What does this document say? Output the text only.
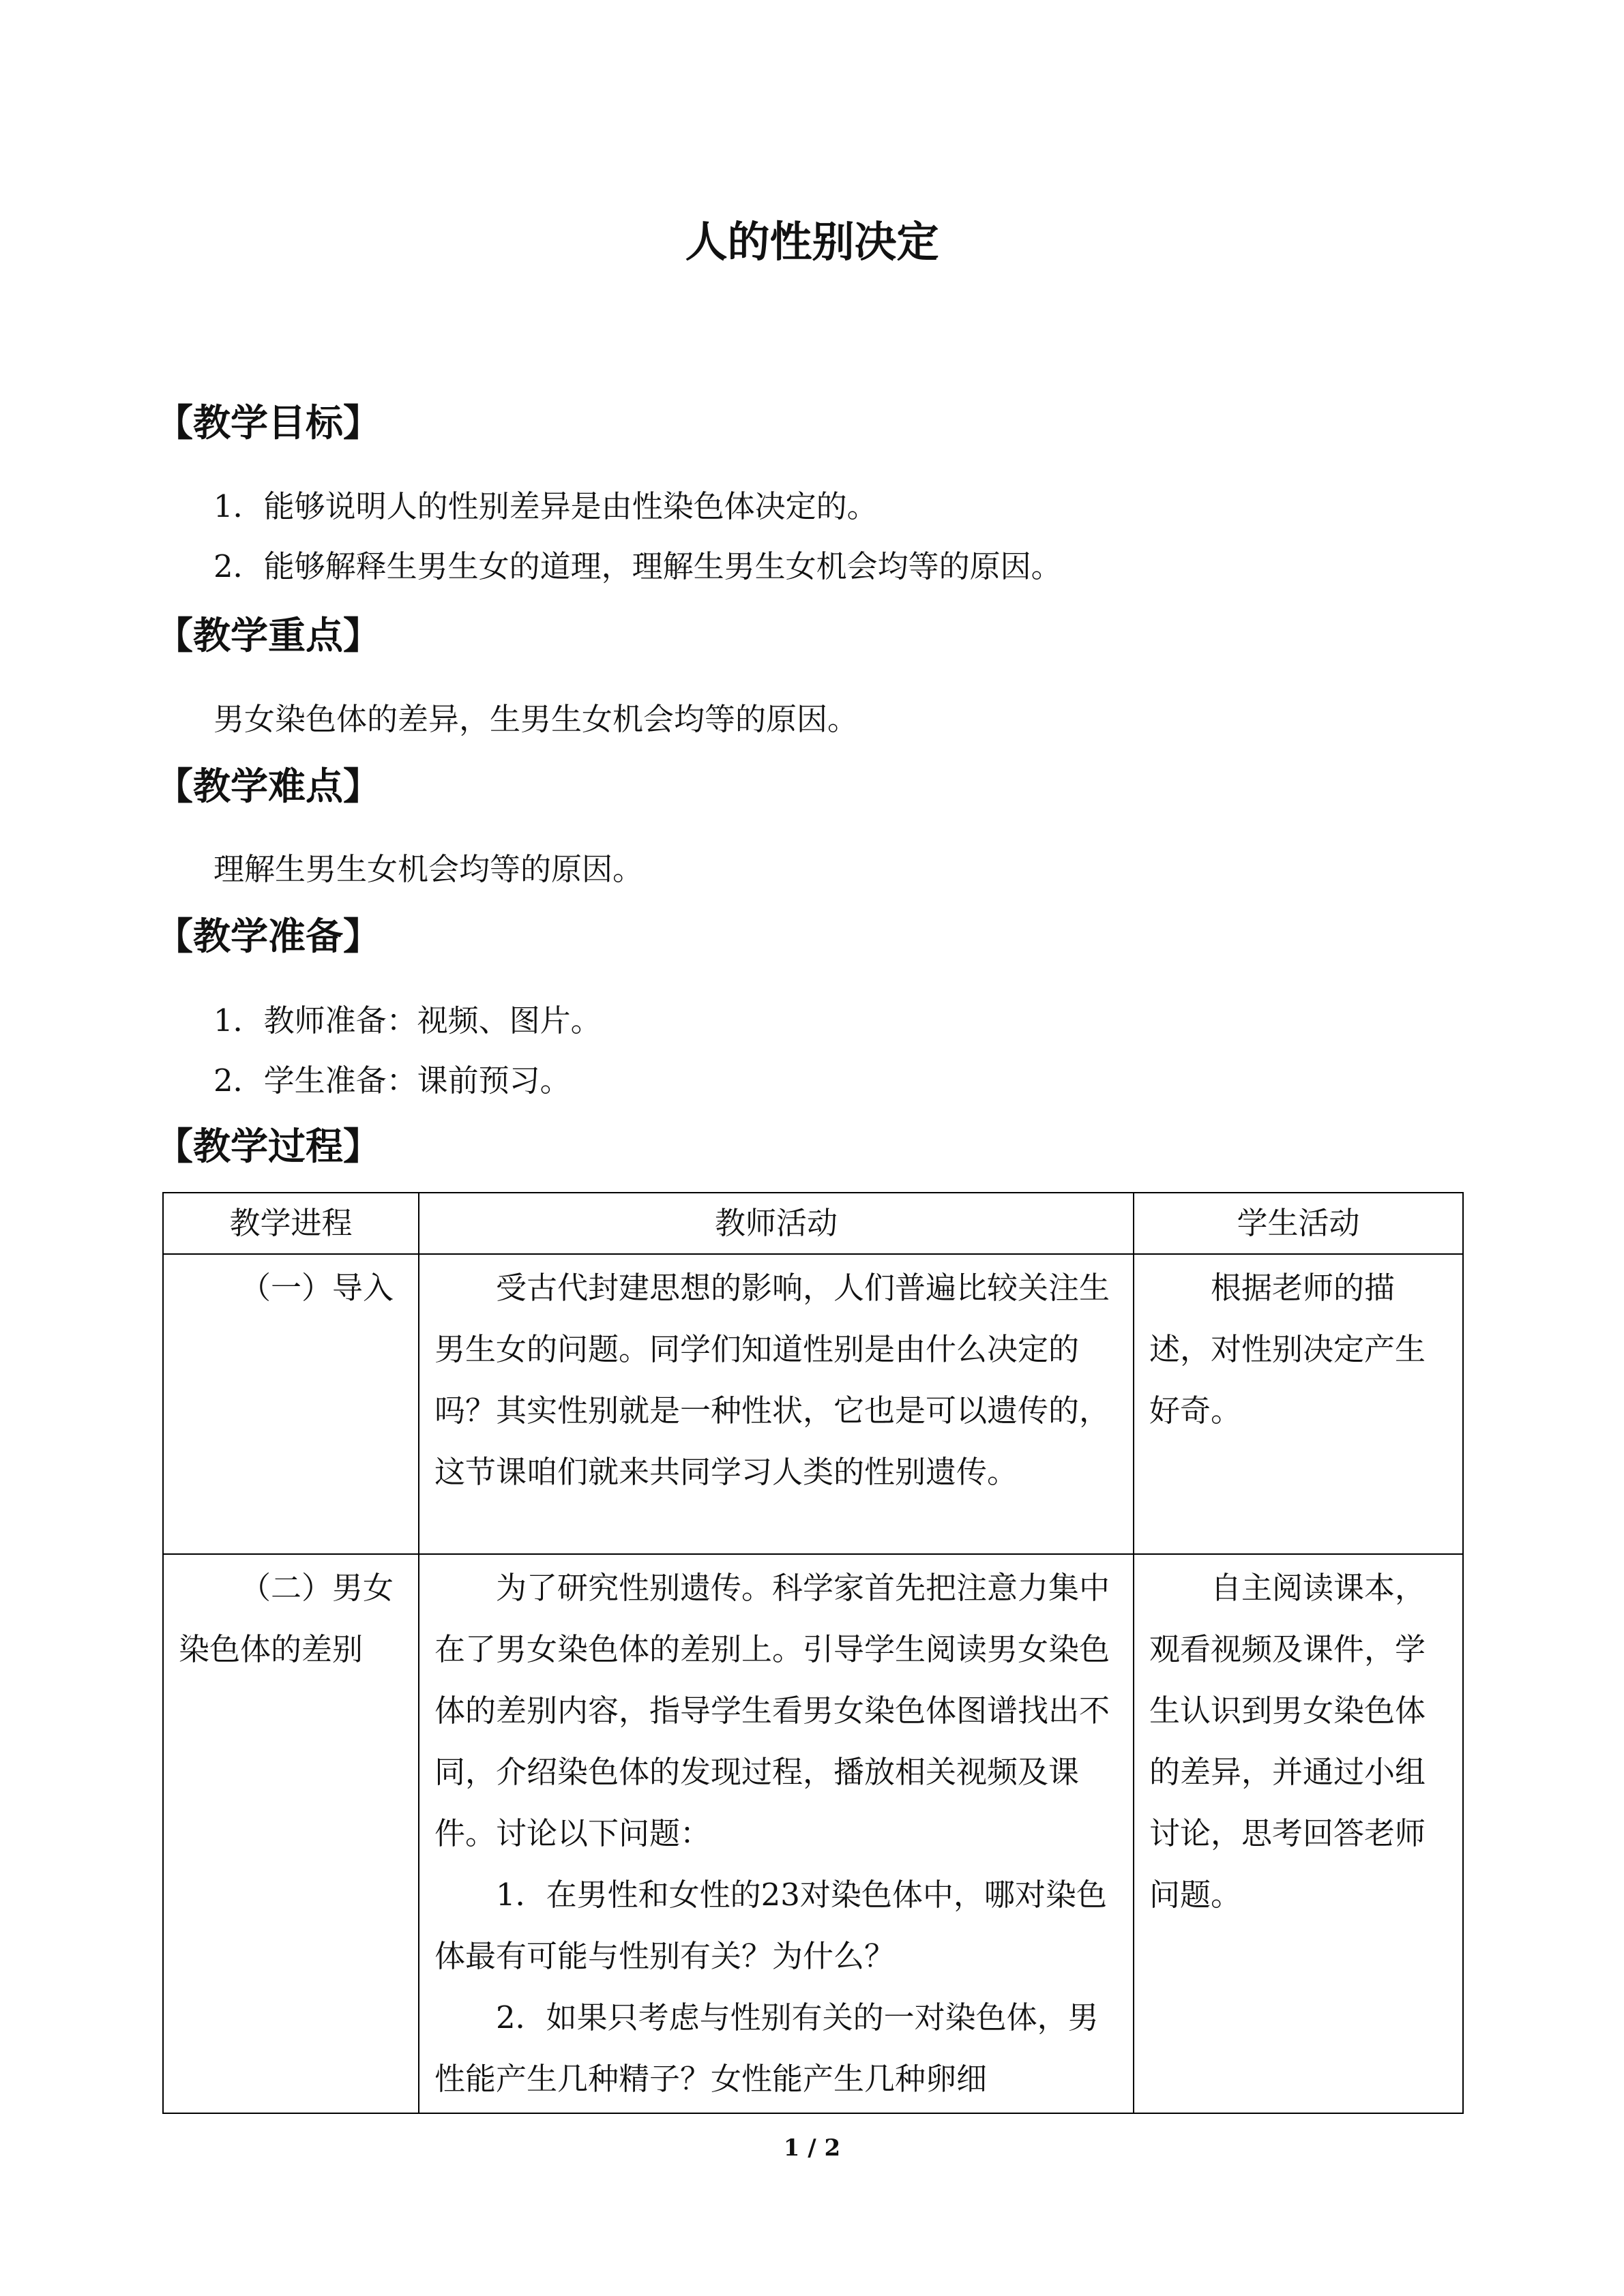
人的性别决定
【教学目标】

1．能够说明人的性别差异是由性染色体决定的。

2．能够解释生男生女的道理，理解生男生女机会均等的原因。

【教学重点】

男女染色体的差异，生男生女机会均等的原因。

【教学难点】

理解生男生女机会均等的原因。

【教学准备】

1．教师准备：视频、图片。

2．学生准备：课前预习。

【教学过程】
教学进程	教师活动	学生活动

（一）导入	受古代封建思想的影响，人们普遍比较关注生男生女的问题。同学们知道性别是由什么决定的吗？其实性别就是一种性状，它也是可以遗传的，这节课咱们就来共同学习人类的性别遗传。	根据老师的描述，对性别决定产生好奇。

（二）男女染色体的差别	为了研究性别遗传。科学家首先把注意力集中在了男女染色体的差别上。引导学生阅读男女染色体的差别内容，指导学生看男女染色体图谱找出不同，介绍染色体的发现过程，播放相关视频及课件。讨论以下问题：

1．在男性和女性的23对染色体中，哪对染色体最有可能与性别有关？为什么？

2．如果只考虑与性别有关的一对染色体，男性能产生几种精子？女性能产生几种卵细	自主阅读课本，观看视频及课件，学生认识到男女染色体的差异，并通过小组讨论，思考回答老师问题。

1 / 2
